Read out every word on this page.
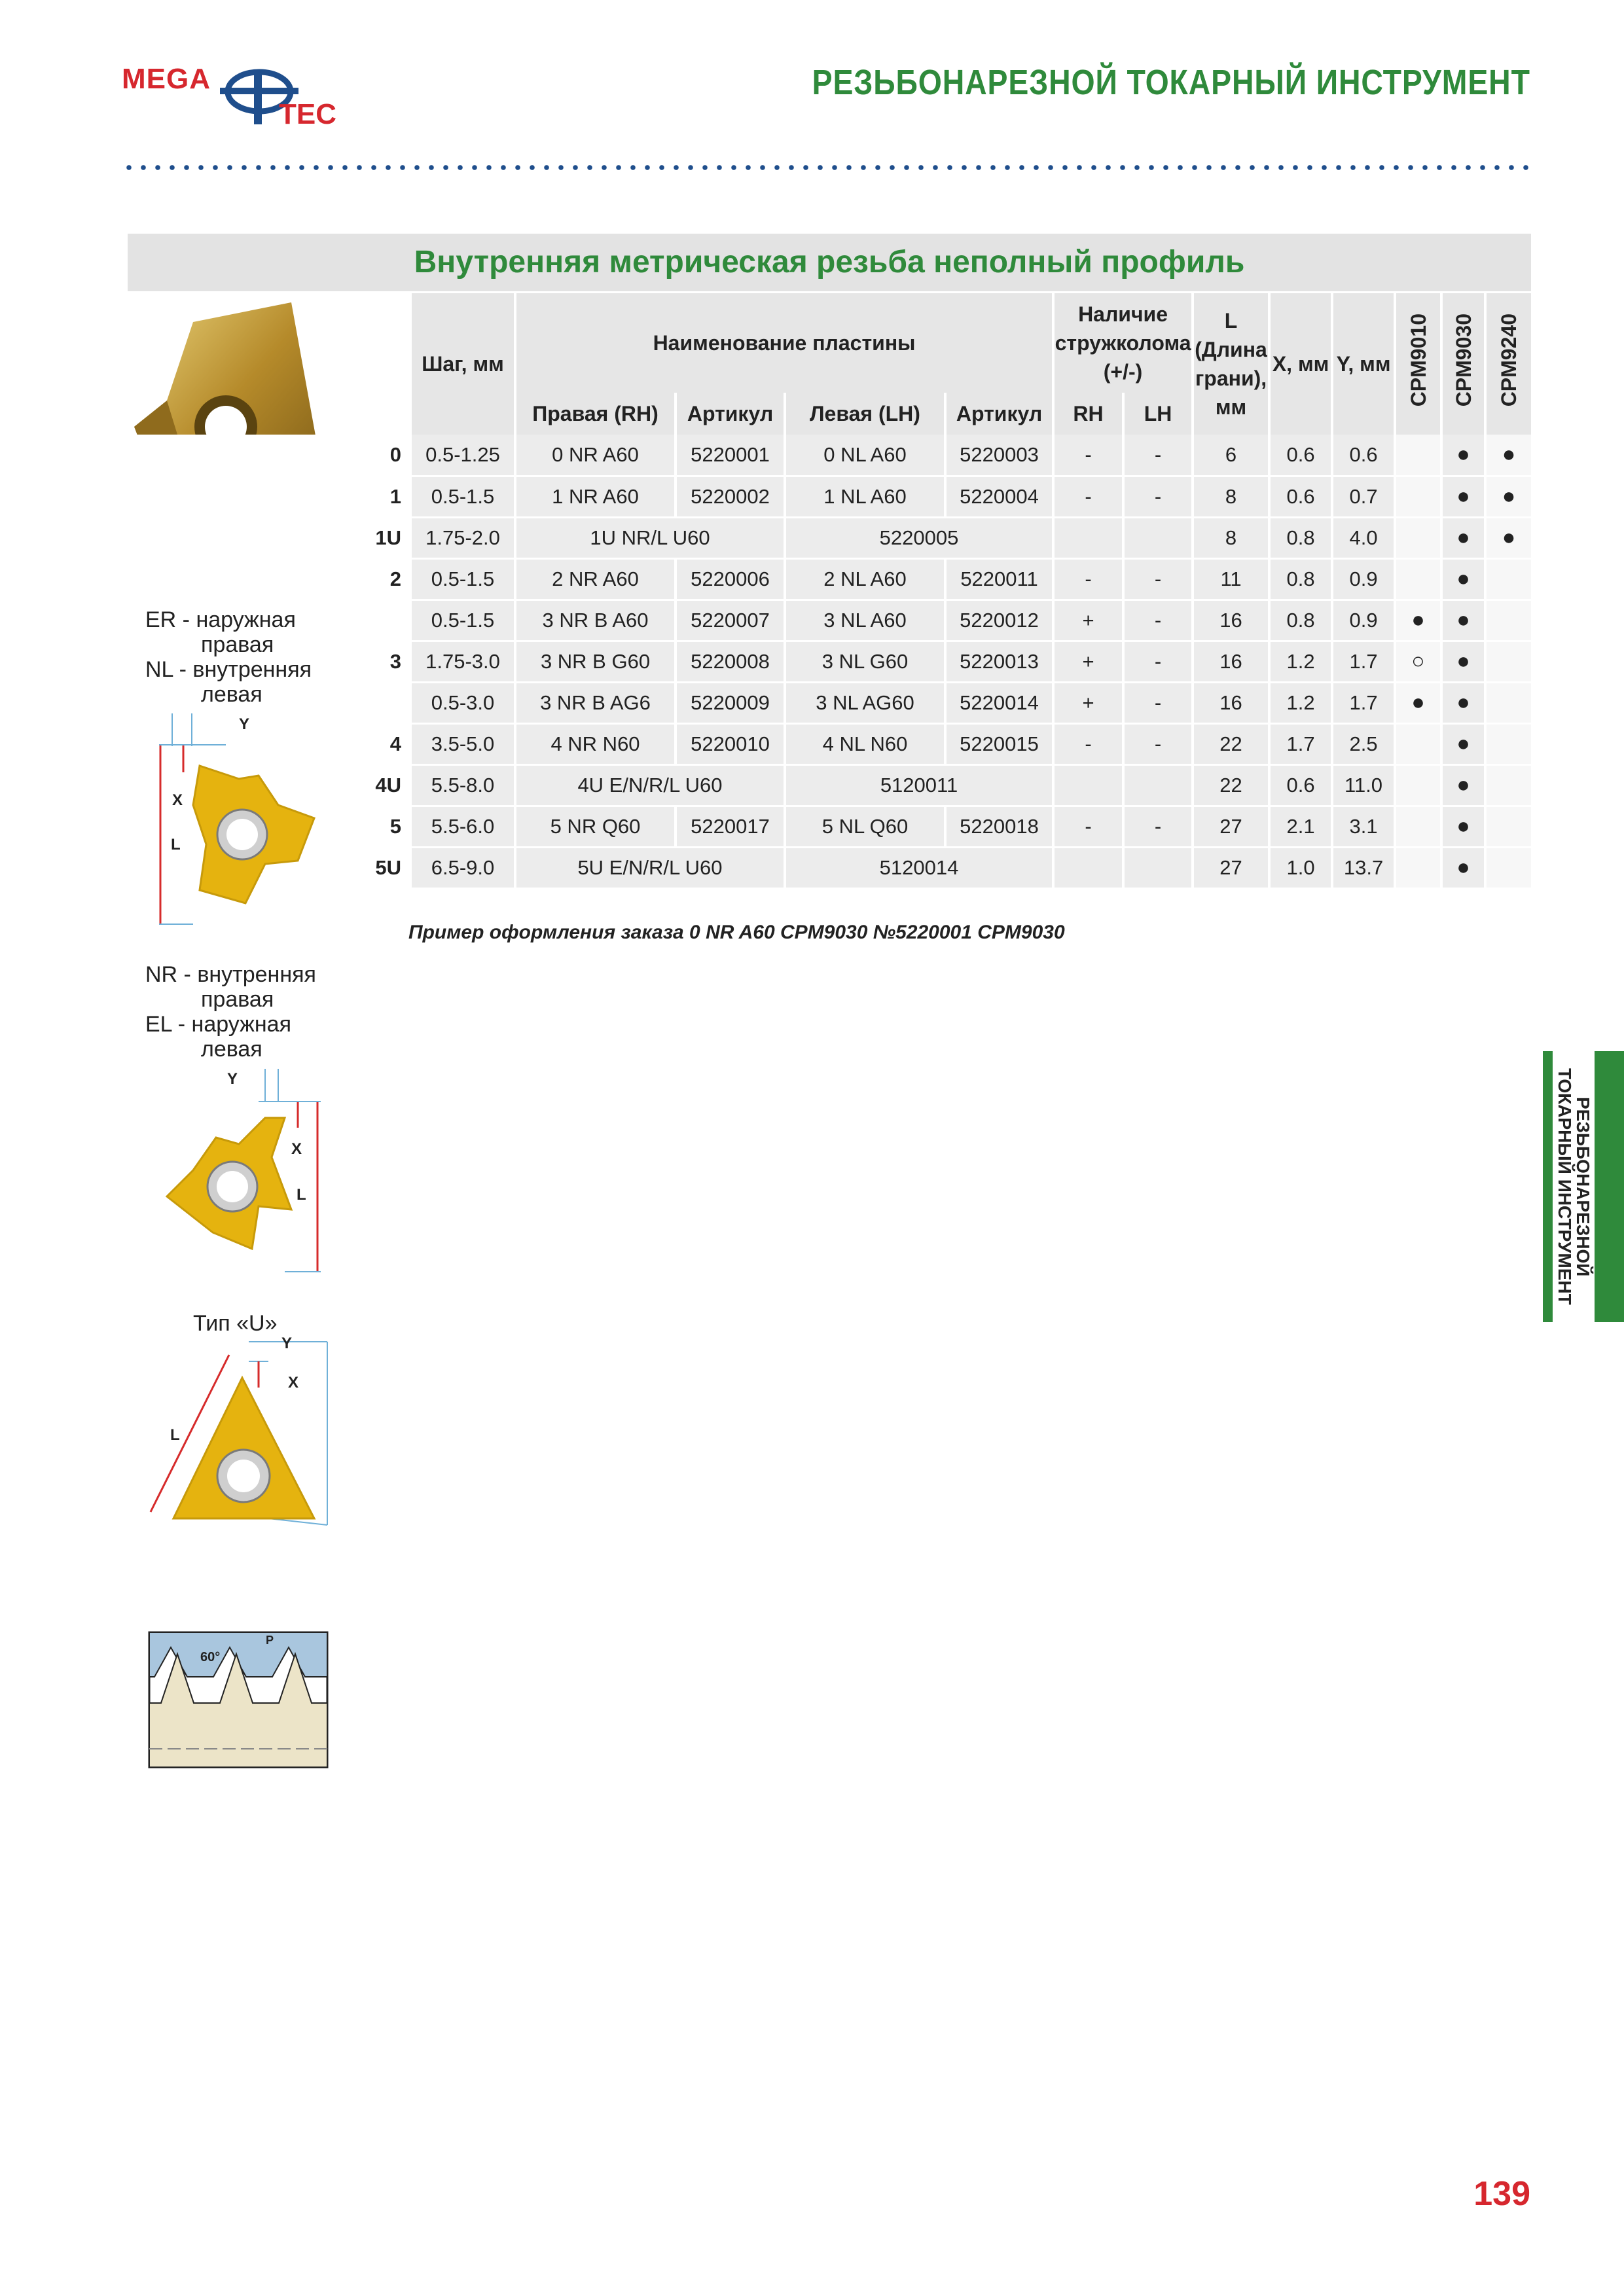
MEGA
TEC
РЕЗЬБОНАРЕЗНОЙ ТОКАРНЫЙ ИНСТРУМЕНТ
Внутренняя метрическая резьба неполный профиль
	Шаг, мм	Наименование пластины				Наличие стружколома (+/-)		L (Длина грани), мм	X, мм	Y, мм	CPM9010	CPM9030	CPM9240
		Правая (RH)	Артикул	Левая (LH)	Артикул	RH	LH						
0	0.5-1.25	0 NR A60	5220001	0 NL A60	5220003	-	-	6	0.6	0.6		●	●
1	0.5-1.5	1 NR A60	5220002	1 NL A60	5220004	-	-	8	0.6	0.7		●	●
1U	1.75-2.0	1U NR/L U60		5220005				8	0.8	4.0		●	●
2	0.5-1.5	2 NR A60	5220006	2 NL A60	5220011	-	-	11	0.8	0.9		●	
	0.5-1.5	3 NR B A60	5220007	3 NL A60	5220012	+	-	16	0.8	0.9	●	●	
3	1.75-3.0	3 NR B G60	5220008	3 NL G60	5220013	+	-	16	1.2	1.7	○	●	
	0.5-3.0	3 NR B AG6	5220009	3 NL AG60	5220014	+	-	16	1.2	1.7	●	●	
4	3.5-5.0	4 NR N60	5220010	4 NL N60	5220015	-	-	22	1.7	2.5		●	
4U	5.5-8.0	4U E/N/R/L U60		5120011				22	0.6	11.0		●	
5	5.5-6.0	5 NR Q60	5220017	5 NL Q60	5220018	-	-	27	2.1	3.1		●	
5U	6.5-9.0	5U E/N/R/L U60		5120014				27	1.0	13.7		●	
Пример оформления заказа 0 NR A60 CPM9030 №5220001 CPM9030
ER - наружная
правая
NL - внутренняя
левая
Y
X
L
NR - внутренняя
правая
EL - наружная
левая
Y
X
L
Тип «U»
Y
X
L
60°
P
РЕЗЬБОНАРЕЗНОЙ ТОКАРНЫЙ ИНСТРУМЕНТ
139
